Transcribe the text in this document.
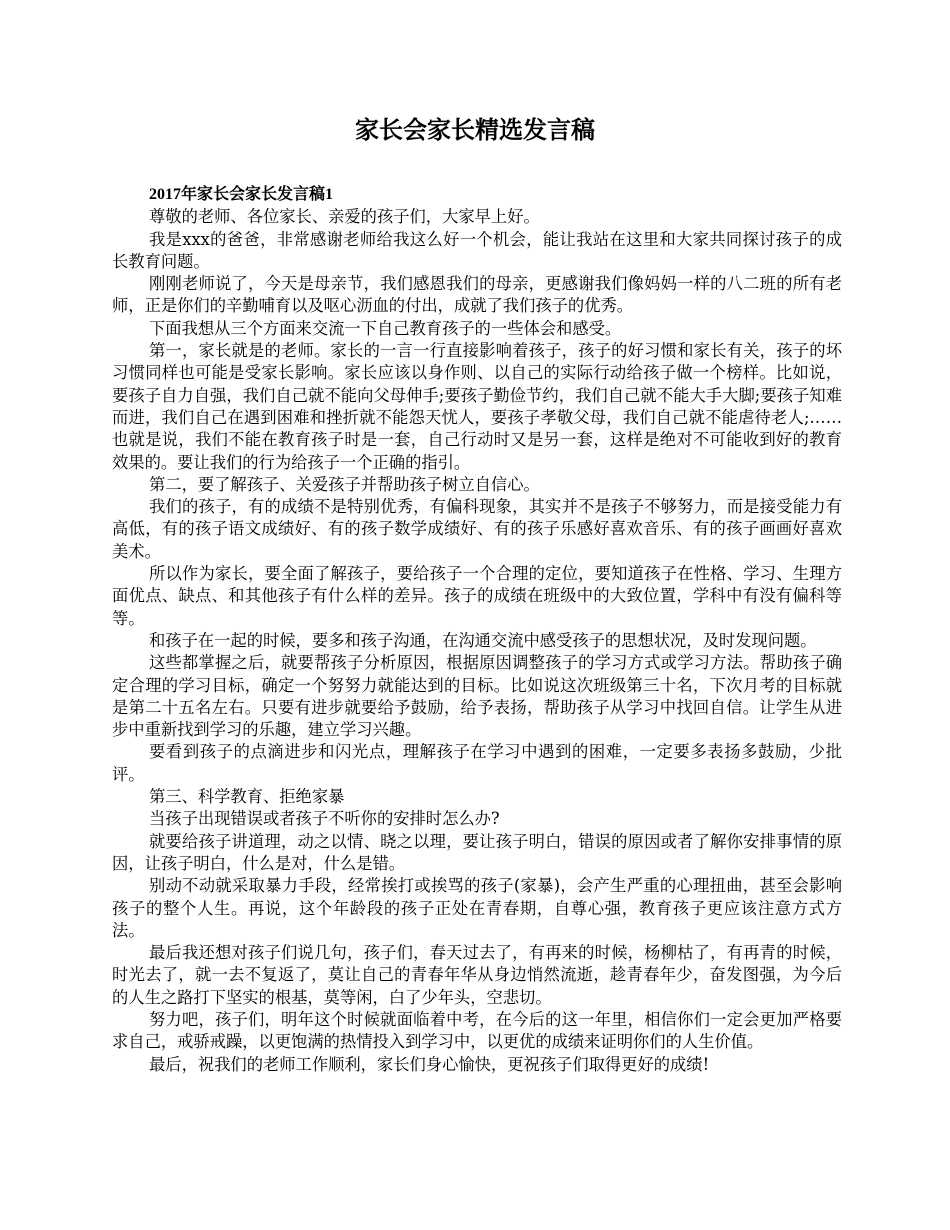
家长会家长精选发言稿

2017年家长会家长发言稿1

尊敬的老师、各位家长、亲爱的孩子们，大家早上好。

我是xxx的爸爸，非常感谢老师给我这么好一个机会，能让我站在这里和大家共同探讨孩子的成长教育问题。

刚刚老师说了，今天是母亲节，我们感恩我们的母亲，更感谢我们像妈妈一样的八二班的所有老师，正是你们的辛勤哺育以及呕心沥血的付出，成就了我们孩子的优秀。

下面我想从三个方面来交流一下自己教育孩子的一些体会和感受。

第一，家长就是的老师。家长的一言一行直接影响着孩子，孩子的好习惯和家长有关，孩子的坏习惯同样也可能是受家长影响。家长应该以身作则、以自己的实际行动给孩子做一个榜样。比如说，要孩子自力自强，我们自己就不能向父母伸手;要孩子勤俭节约，我们自己就不能大手大脚;要孩子知难而进，我们自己在遇到困难和挫折就不能怨天忧人，要孩子孝敬父母，我们自己就不能虐待老人;……也就是说，我们不能在教育孩子时是一套，自己行动时又是另一套，这样是绝对不可能收到好的教育效果的。要让我们的行为给孩子一个正确的指引。

第二，要了解孩子、关爱孩子并帮助孩子树立自信心。

我们的孩子，有的成绩不是特别优秀，有偏科现象，其实并不是孩子不够努力，而是接受能力有高低，有的孩子语文成绩好、有的孩子数学成绩好、有的孩子乐感好喜欢音乐、有的孩子画画好喜欢美术。

所以作为家长，要全面了解孩子，要给孩子一个合理的定位，要知道孩子在性格、学习、生理方面优点、缺点、和其他孩子有什么样的差异。孩子的成绩在班级中的大致位置，学科中有没有偏科等等。

和孩子在一起的时候，要多和孩子沟通，在沟通交流中感受孩子的思想状况，及时发现问题。

这些都掌握之后，就要帮孩子分析原因，根据原因调整孩子的学习方式或学习方法。帮助孩子确定合理的学习目标，确定一个努努力就能达到的目标。比如说这次班级第三十名，下次月考的目标就是第二十五名左右。只要有进步就要给予鼓励，给予表扬，帮助孩子从学习中找回自信。让学生从进步中重新找到学习的乐趣，建立学习兴趣。

要看到孩子的点滴进步和闪光点，理解孩子在学习中遇到的困难，一定要多表扬多鼓励，少批评。

第三、科学教育、拒绝家暴

当孩子出现错误或者孩子不听你的安排时怎么办?

就要给孩子讲道理，动之以情、晓之以理，要让孩子明白，错误的原因或者了解你安排事情的原因，让孩子明白，什么是对，什么是错。

别动不动就采取暴力手段，经常挨打或挨骂的孩子(家暴)，会产生严重的心理扭曲，甚至会影响孩子的整个人生。再说，这个年龄段的孩子正处在青春期，自尊心强，教育孩子更应该注意方式方法。

最后我还想对孩子们说几句，孩子们，春天过去了，有再来的时候，杨柳枯了，有再青的时候，时光去了，就一去不复返了，莫让自己的青春年华从身边悄然流逝，趁青春年少，奋发图强，为今后的人生之路打下坚实的根基，莫等闲，白了少年头，空悲切。

努力吧，孩子们，明年这个时候就面临着中考，在今后的这一年里，相信你们一定会更加严格要求自己，戒骄戒躁，以更饱满的热情投入到学习中，以更优的成绩来证明你们的人生价值。

最后，祝我们的老师工作顺利，家长们身心愉快，更祝孩子们取得更好的成绩!
